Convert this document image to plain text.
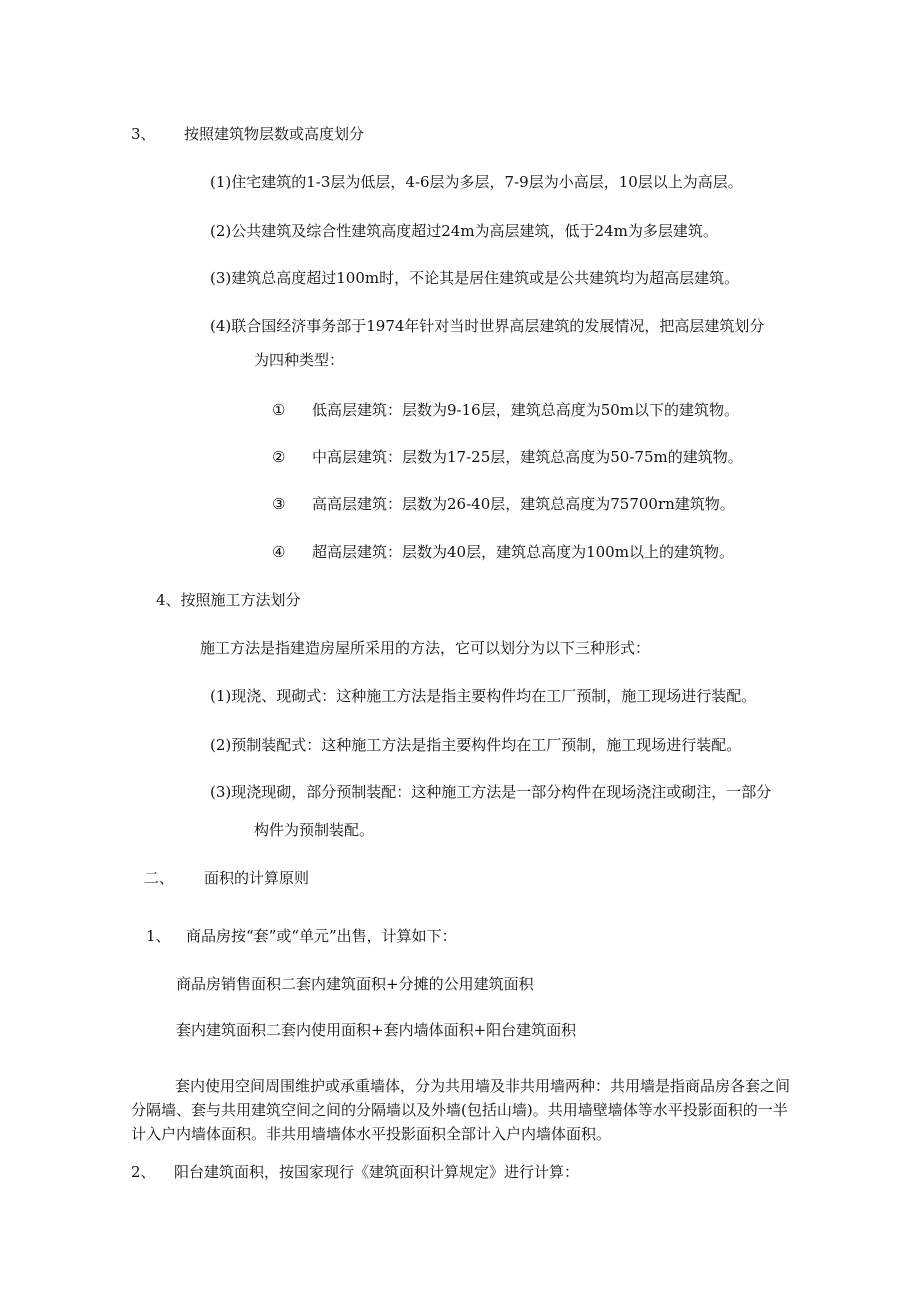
3、 按照建筑物层数或高度划分
(1)住宅建筑的1-3层为低层，4-6层为多层，7-9层为小高层，10层以上为高层。
(2)公共建筑及综合性建筑高度超过24m为高层建筑，低于24m为多层建筑。
(3)建筑总高度超过100m时，不论其是居住建筑或是公共建筑均为超高层建筑。
(4)联合国经济事务部于1974年针对当时世界高层建筑的发展情况，把高层建筑划分
为四种类型：
① 低高层建筑：层数为9-16层，建筑总高度为50m以下的建筑物。
② 中高层建筑：层数为17-25层，建筑总高度为50-75m的建筑物。
③ 高高层建筑：层数为26-40层，建筑总高度为75700rn建筑物。
④ 超高层建筑：层数为40层，建筑总高度为100m以上的建筑物。
4、按照施工方法划分
施工方法是指建造房屋所采用的方法，它可以划分为以下三种形式：
(1)现浇、现砌式：这种施工方法是指主要构件均在工厂预制，施工现场进行装配。
(2)预制装配式：这种施工方法是指主要构件均在工厂预制，施工现场进行装配。
(3)现浇现砌，部分预制装配：这种施工方法是一部分构件在现场浇注或砌注，一部分
构件为预制装配。
二、 面积的计算原则
1、 商品房按“套”或“单元”出售，计算如下：
商品房销售面积二套内建筑面积+分摊的公用建筑面积
套内建筑面积二套内使用面积+套内墙体面积+阳台建筑面积
套内使用空间周围维护或承重墙体，分为共用墙及非共用墙两种：共用墙是指商品房各套之间分隔墙、套与共用建筑空间之间的分隔墙以及外墙(包括山墙)。共用墙壁墙体等水平投影面积的一半计入户内墙体面积。非共用墙墙体水平投影面积全部计入户内墙体面积。
2、 阳台建筑面积，按国家现行《建筑面积计算规定》进行计算：
